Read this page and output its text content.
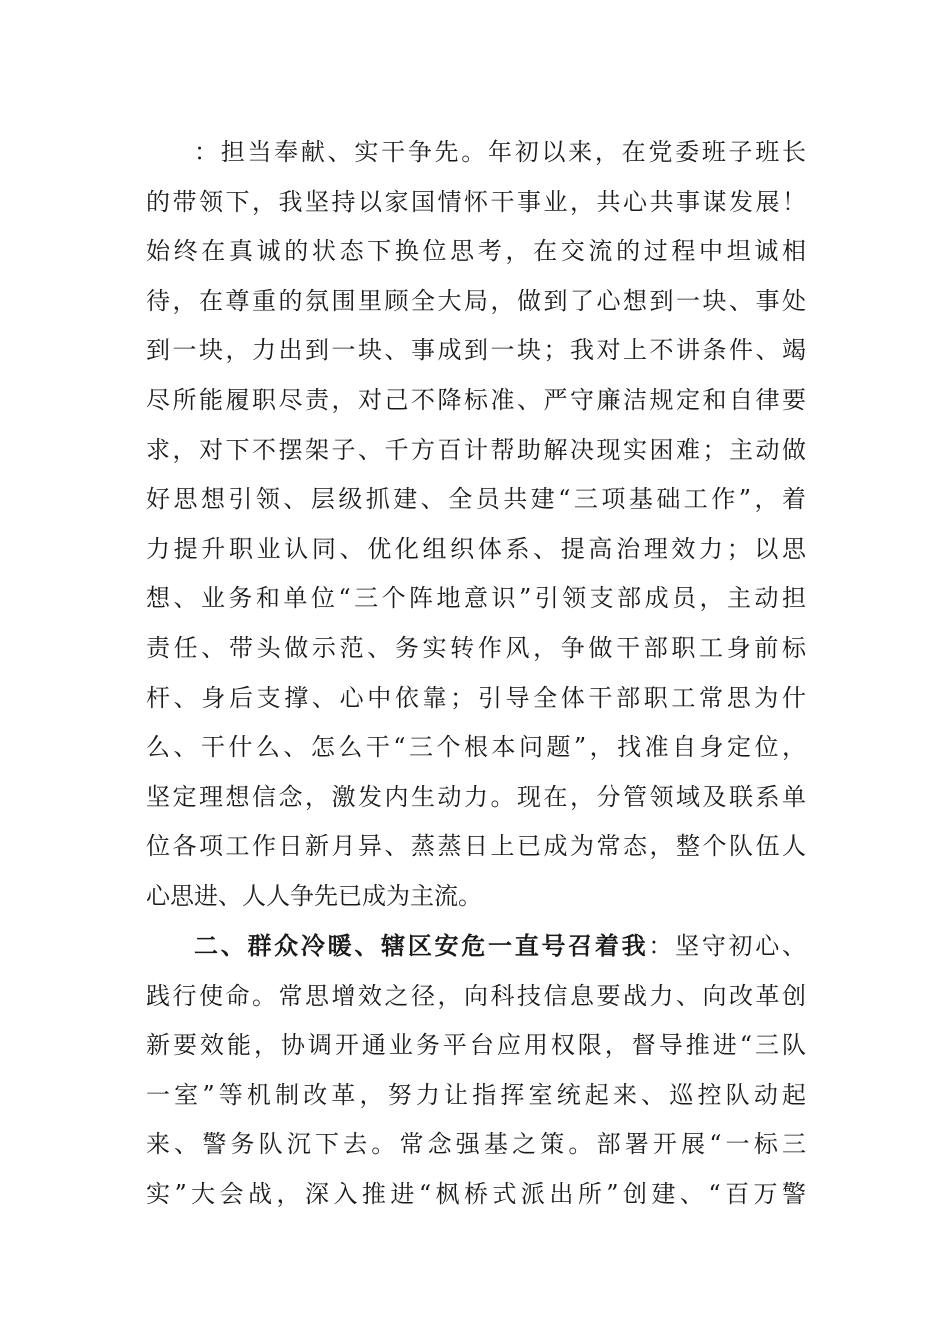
：担当奉献、实干争先。年初以来，在党委班子班长
的带领下，我坚持以家国情怀干事业，共心共事谋发展！
始终在真诚的状态下换位思考，在交流的过程中坦诚相
待，在尊重的氛围里顾全大局，做到了心想到一块、事处
到一块，力出到一块、事成到一块；我对上不讲条件、竭
尽所能履职尽责，对己不降标准、严守廉洁规定和自律要
求，对下不摆架子、千方百计帮助解决现实困难；主动做
好思想引领、层级抓建、全员共建“三项基础工作”，着
力提升职业认同、优化组织体系、提高治理效力；以思
想、业务和单位“三个阵地意识”引领支部成员，主动担
责任、带头做示范、务实转作风，争做干部职工身前标
杆、身后支撑、心中依靠；引导全体干部职工常思为什
么、干什么、怎么干“三个根本问题”，找准自身定位，
坚定理想信念，激发内生动力。现在，分管领域及联系单
位各项工作日新月异、蒸蒸日上已成为常态，整个队伍人
心思进、人人争先已成为主流。
二、群众冷暖、辖区安危一直号召着我：坚守初心、
践行使命。常思增效之径，向科技信息要战力、向改革创
新要效能，协调开通业务平台应用权限，督导推进“三队
一室”等机制改革，努力让指挥室统起来、巡控队动起
来、警务队沉下去。常念强基之策。部署开展“一标三
实”大会战，深入推进“枫桥式派出所”创建、“百万警
